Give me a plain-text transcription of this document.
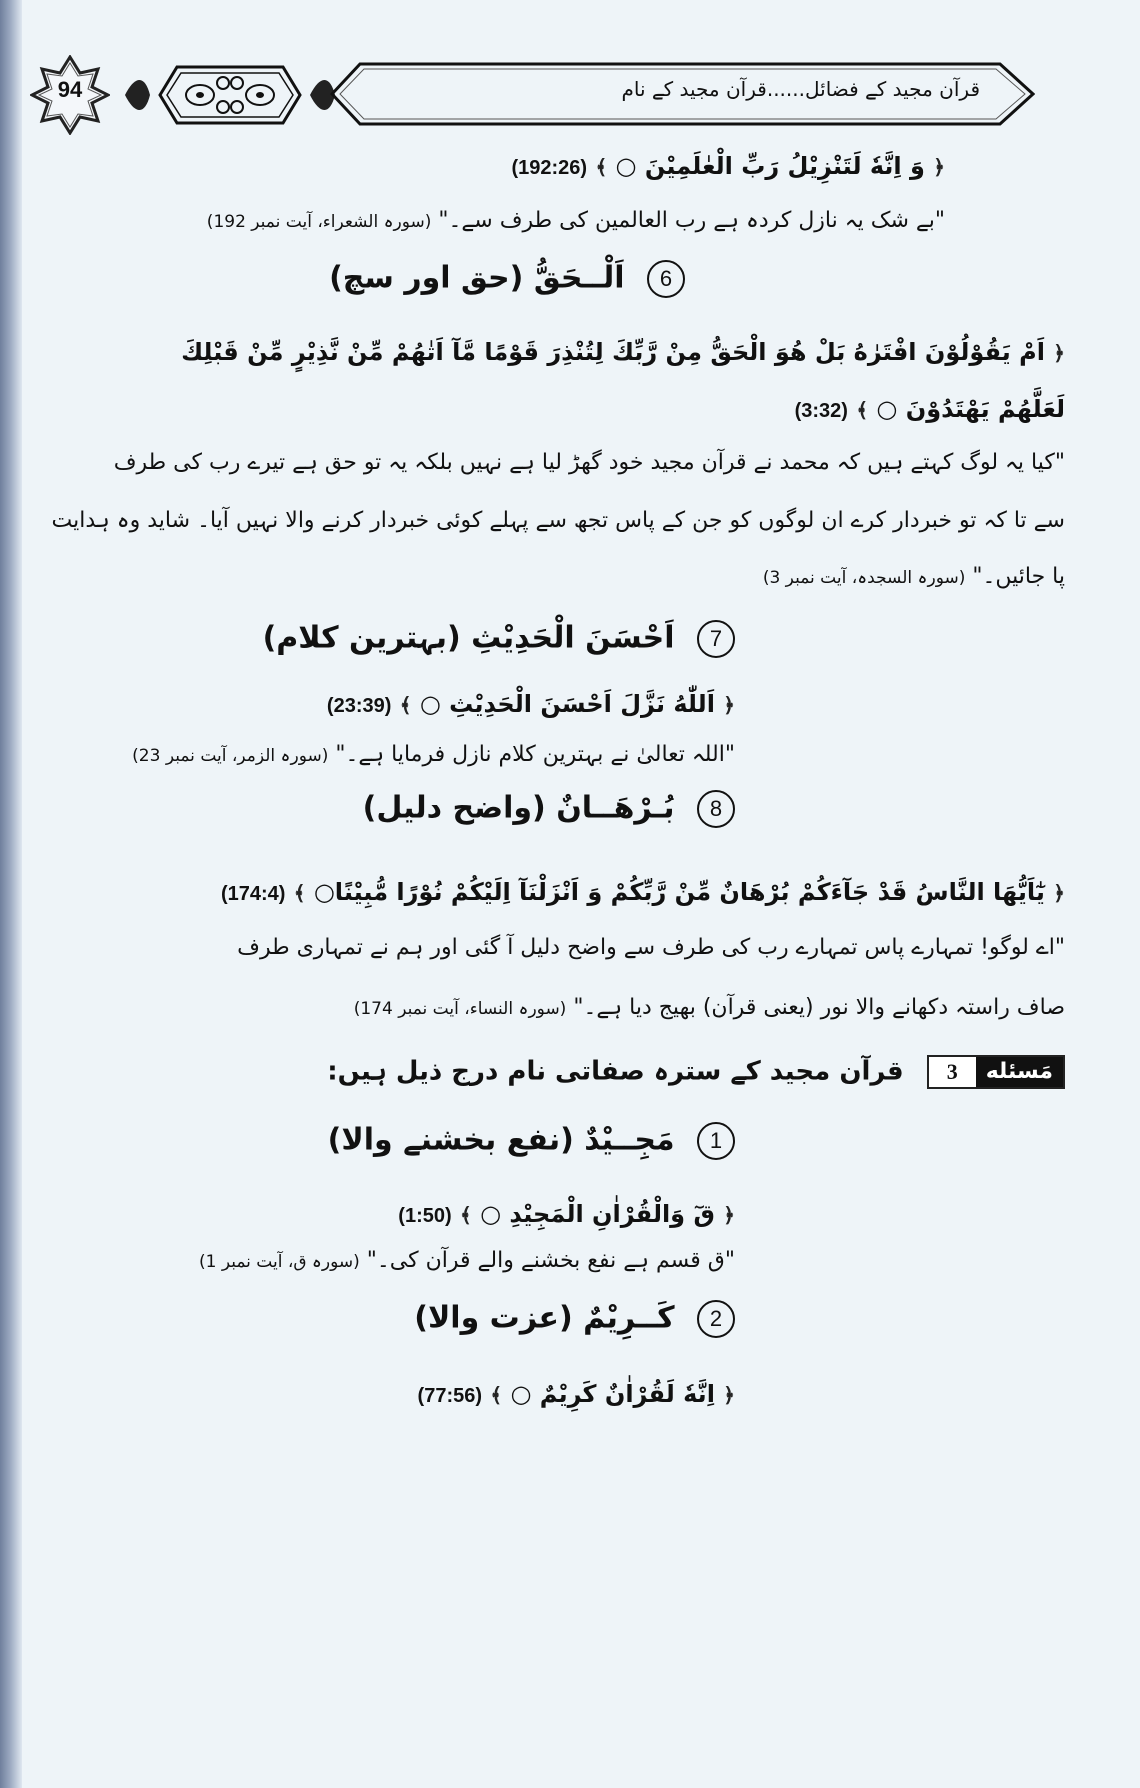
94	قرآن مجید کے فضائل......قرآن مجید کے نام
﴿ وَ اِنَّهٗ لَتَنْزِيْلُ رَبِّ الْعٰلَمِيْنَ ○ ﴾ (192:26)
"بے شک یہ نازل کردہ ہے رب العالمین کی طرف سے۔" (سورہ الشعراء، آیت نمبر 192)
6 اَلْــحَقُّ (حق اور سچ)
﴿ اَمْ يَقُوْلُوْنَ افْتَرٰهُ بَلْ هُوَ الْحَقُّ مِنْ رَّبِّكَ لِتُنْذِرَ قَوْمًا مَّآ اَتٰهُمْ مِّنْ نَّذِيْرٍ مِّنْ قَبْلِكَ
لَعَلَّهُمْ يَهْتَدُوْنَ ○ ﴾ (3:32)
"کیا یہ لوگ کہتے ہیں کہ محمد نے قرآن مجید خود گھڑ لیا ہے نہیں بلکہ یہ تو حق ہے تیرے رب کی طرف
سے تا کہ تو خبردار کرے ان لوگوں کو جن کے پاس تجھ سے پہلے کوئی خبردار کرنے والا نہیں آیا۔ شاید وہ ہدایت
پا جائیں۔" (سورہ السجدہ، آیت نمبر 3)
7 اَحْسَنَ الْحَدِيْثِ (بہترین کلام)
﴿ اَللّٰهُ نَزَّلَ اَحْسَنَ الْحَدِيْثِ ○ ﴾ (23:39)
"اللہ تعالیٰ نے بہترین کلام نازل فرمایا ہے۔" (سورہ الزمر، آیت نمبر 23)
8 بُـرْهَــانٌ (واضح دلیل)
﴿ يٰٓاَيُّهَا النَّاسُ قَدْ جَآءَكُمْ بُرْهَانٌ مِّنْ رَّبِّكُمْ وَ اَنْزَلْنَآ اِلَيْكُمْ نُوْرًا مُّبِيْنًا○ ﴾ (174:4)
"اے لوگو! تمہارے پاس تمہارے رب کی طرف سے واضح دلیل آ گئی اور ہم نے تمہاری طرف
صاف راستہ دکھانے والا نور (یعنی قرآن) بھیج دیا ہے۔" (سورہ النساء، آیت نمبر 174)
مَسئله
3
قرآن مجید کے سترہ صفاتی نام درج ذیل ہیں:
1 مَجِــيْدٌ (نفع بخشنے والا)
﴿ قٓ وَالْقُرْاٰنِ الْمَجِيْدِ ○ ﴾ (1:50)
"ق قسم ہے نفع بخشنے والے قرآن کی۔" (سورہ ق، آیت نمبر 1)
2 كَــرِيْمٌ (عزت والا)
﴿ اِنَّهٗ لَقُرْاٰنٌ كَرِيْمٌ ○ ﴾ (77:56)
